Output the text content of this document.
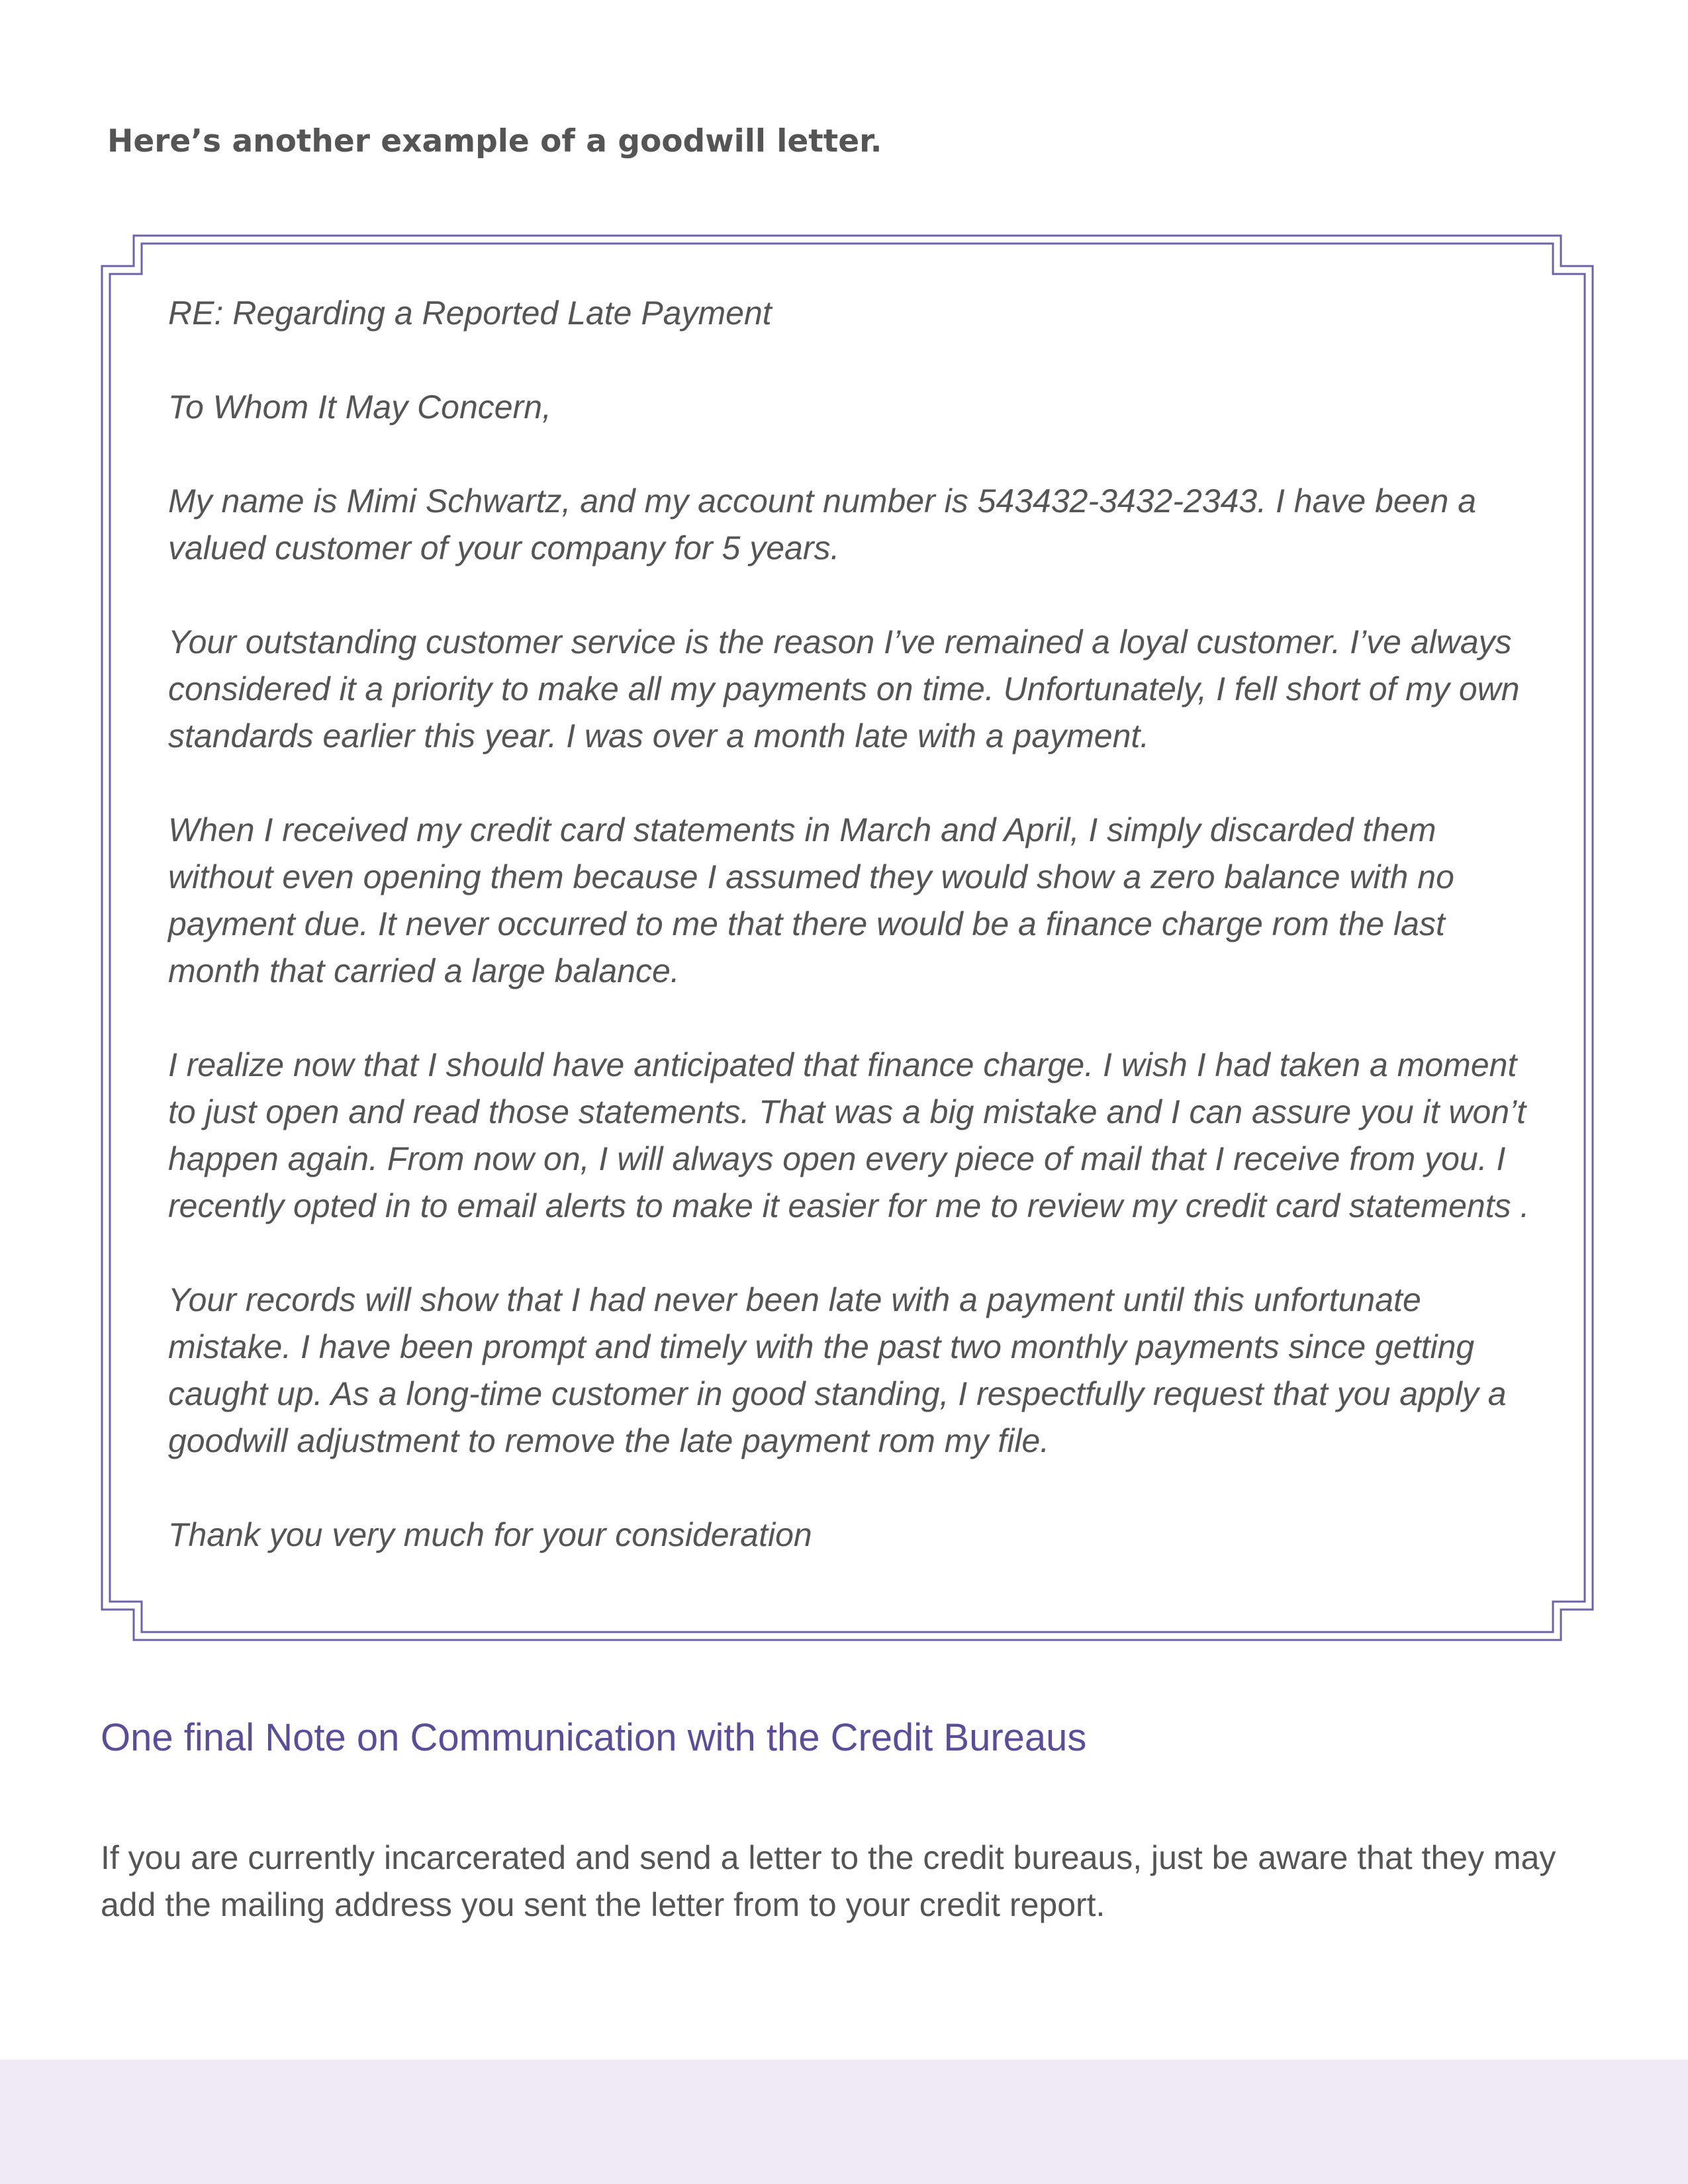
Here’s another example of a goodwill letter.

RE: Regarding a Reported Late Payment

To Whom It May Concern,

My name is Mimi Schwartz, and my account number is 543432-3432-2343. I have been a valued customer of your company for 5 years.

Your outstanding customer service is the reason I’ve remained a loyal customer. I’ve always considered it a priority to make all my payments on time. Unfortunately, I fell short of my own standards earlier this year. I was over a month late with a payment.

When I received my credit card statements in March and April, I simply discarded them without even opening them because I assumed they would show a zero balance with no payment due. It never occurred to me that there would be a finance charge rom the last month that carried a large balance.

I realize now that I should have anticipated that finance charge. I wish I had taken a moment to just open and read those statements. That was a big mistake and I can assure you it won’t happen again. From now on, I will always open every piece of mail that I receive from you. I recently opted in to email alerts to make it easier for me to review my credit card statements .

Your records will show that I had never been late with a payment until this unfortunate mistake. I have been prompt and timely with the past two monthly payments since getting caught up. As a long-time customer in good standing, I respectfully request that you apply a goodwill adjustment to remove the late payment rom my file.

Thank you very much for your consideration

One final Note on Communication with the Credit Bureaus

If you are currently incarcerated and send a letter to the credit bureaus, just be aware that they may add the mailing address you sent the letter from to your credit report.
